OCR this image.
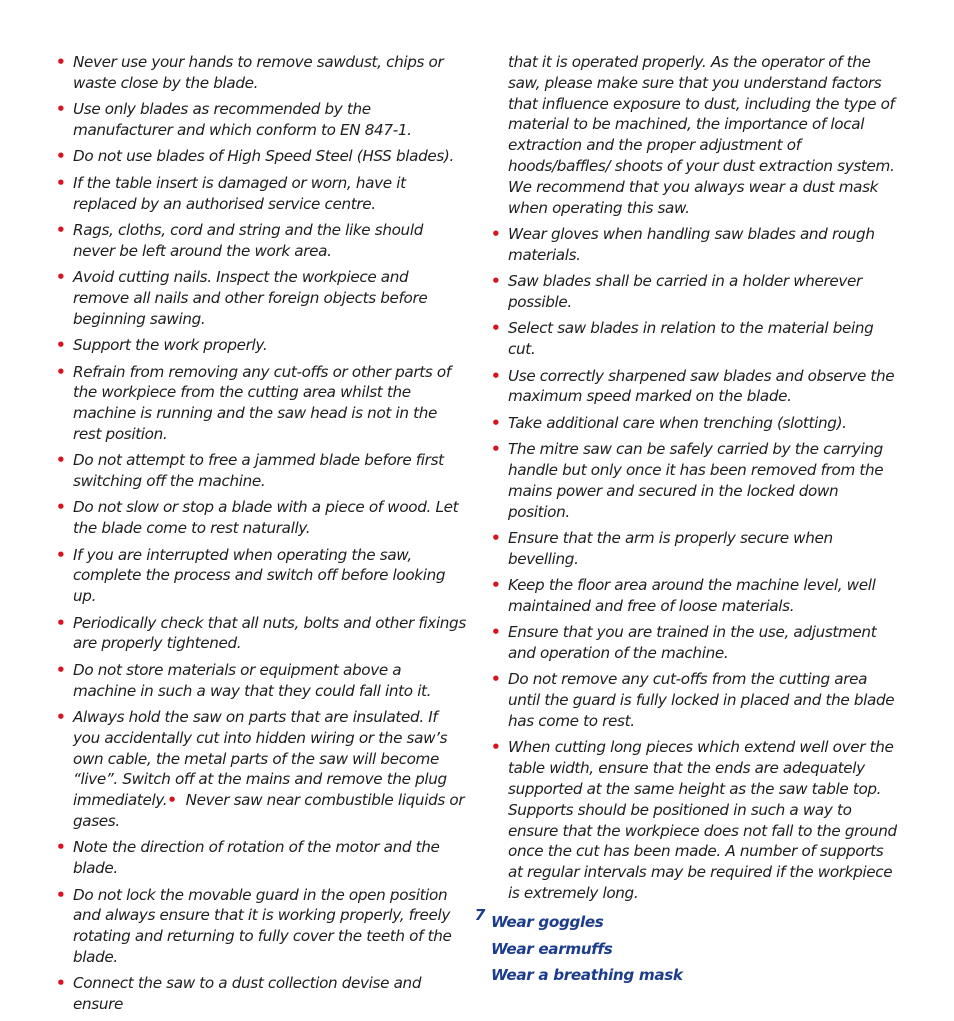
• Never use your hands to remove sawdust, chips or waste close by the blade.
• Use only blades as recommended by the manufacturer and which conform to EN 847-1.
• Do not use blades of High Speed Steel (HSS blades).
• If the table insert is damaged or worn, have it replaced by an authorised service centre.
• Rags, cloths, cord and string and the like should never be left around the work area.
• Avoid cutting nails. Inspect the workpiece and remove all nails and other foreign objects before beginning sawing.
• Support the work properly.
• Refrain from removing any cut-offs or other parts of the workpiece from the cutting area whilst the machine is running and the saw head is not in the rest position.
• Do not attempt to free a jammed blade before first switching off the machine.
• Do not slow or stop a blade with a piece of wood. Let the blade come to rest naturally.
• If you are interrupted when operating the saw, complete the process and switch off before looking up.
• Periodically check that all nuts, bolts and other fixings are properly tightened.
• Do not store materials or equipment above a machine in such a way that they could fall into it.
• Always hold the saw on parts that are insulated. If you accidentally cut into hidden wiring or the saw’s own cable, the metal parts of the saw will become “live”. Switch off at the mains and remove the plug immediately.• Never saw near combustible liquids or gases.
• Note the direction of rotation of the motor and the blade.
• Do not lock the movable guard in the open position and always ensure that it is working properly, freely rotating and returning to fully cover the teeth of the blade.
• Connect the saw to a dust collection devise and ensure

that it is operated properly. As the operator of the saw, please make sure that you understand factors that influence exposure to dust, including the type of material to be machined, the importance of local extraction and the proper adjustment of hoods/baffles/ shoots of your dust extraction system. We recommend that you always wear a dust mask when operating this saw.

• Wear gloves when handling saw blades and rough materials.
• Saw blades shall be carried in a holder wherever possible.
• Select saw blades in relation to the material being cut.
• Use correctly sharpened saw blades and observe the maximum speed marked on the blade.
• Take additional care when trenching (slotting).
• The mitre saw can be safely carried by the carrying handle but only once it has been removed from the mains power and secured in the locked down position.
• Ensure that the arm is properly secure when bevelling.
• Keep the floor area around the machine level, well maintained and free of loose materials.
• Ensure that you are trained in the use, adjustment and operation of the machine.
• Do not remove any cut-offs from the cutting area until the guard is fully locked in placed and the blade has come to rest.
• When cutting long pieces which extend well over the table width, ensure that the ends are adequately supported at the same height as the saw table top. Supports should be positioned in such a way to ensure that the workpiece does not fall to the ground once the cut has been made. A number of supports at regular intervals may be required if the workpiece is extremely long.

Wear goggles

Wear earmuffs

Wear a breathing mask

7
